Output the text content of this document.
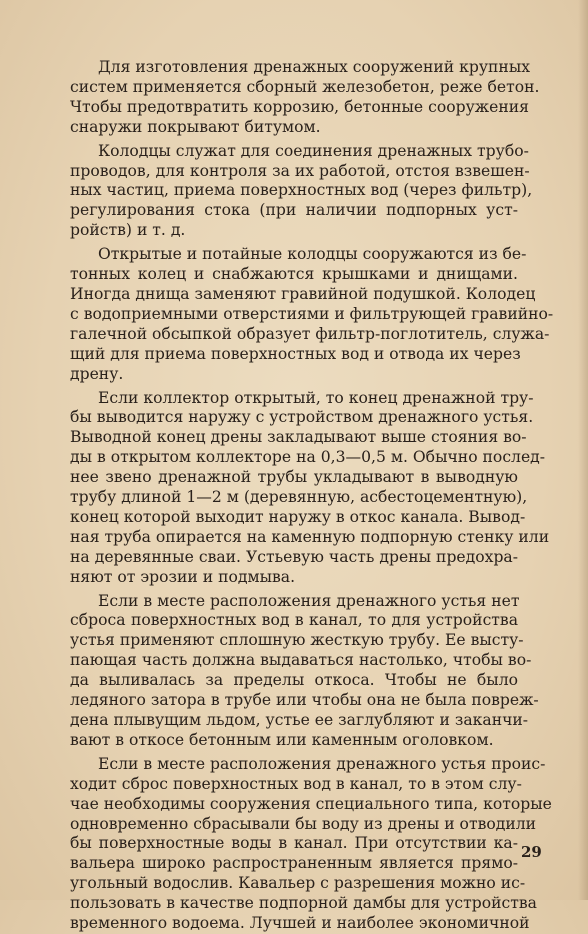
Для изготовления дренажных сооружений крупных
систем применяется сборный железобетон, реже бетон.
Чтобы предотвратить коррозию, бетонные сооружения
снаружи покрывают битумом.

Колодцы служат для соединения дренажных трубо-
проводов, для контроля за их работой, отстоя взвешен-
ных частиц, приема поверхностных вод (через фильтр),
регулирования стока (при наличии подпорных уст-
ройств) и т. д.

Открытые и потайные колодцы сооружаются из бе-
тонных колец и снабжаются крышками и днищами.
Иногда днища заменяют гравийной подушкой. Колодец
с водоприемными отверстиями и фильтрующей гравийно-
галечной обсыпкой образует фильтр-поглотитель, служа-
щий для приема поверхностных вод и отвода их через
дрену.

Если коллектор открытый, то конец дренажной тру-
бы выводится наружу с устройством дренажного устья.
Выводной конец дрены закладывают выше стояния во-
ды в открытом коллекторе на 0,3—0,5 м. Обычно послед-
нее звено дренажной трубы укладывают в выводную
трубу длиной 1—2 м (деревянную, асбестоцементную),
конец которой выходит наружу в откос канала. Вывод-
ная труба опирается на каменную подпорную стенку или
на деревянные сваи. Устьевую часть дрены предохра-
няют от эрозии и подмыва.

Если в месте расположения дренажного устья нет
сброса поверхностных вод в канал, то для устройства
устья применяют сплошную жесткую трубу. Ее высту-
пающая часть должна выдаваться настолько, чтобы во-
да выливалась за пределы откоса. Чтобы не было
ледяного затора в трубе или чтобы она не была повреж-
дена плывущим льдом, устье ее заглубляют и заканчи-
вают в откосе бетонным или каменным оголовком.

Если в месте расположения дренажного устья проис-
ходит сброс поверхностных вод в канал, то в этом слу-
чае необходимы сооружения специального типа, которые
одновременно сбрасывали бы воду из дрены и отводили
бы поверхностные воды в канал. При отсутствии ка-
вальера широко распространенным является прямо-
угольный водослив. Кавальер с разрешения можно ис-
пользовать в качестве подпорной дамбы для устройства
временного водоема. Лучшей и наиболее экономичной

29
